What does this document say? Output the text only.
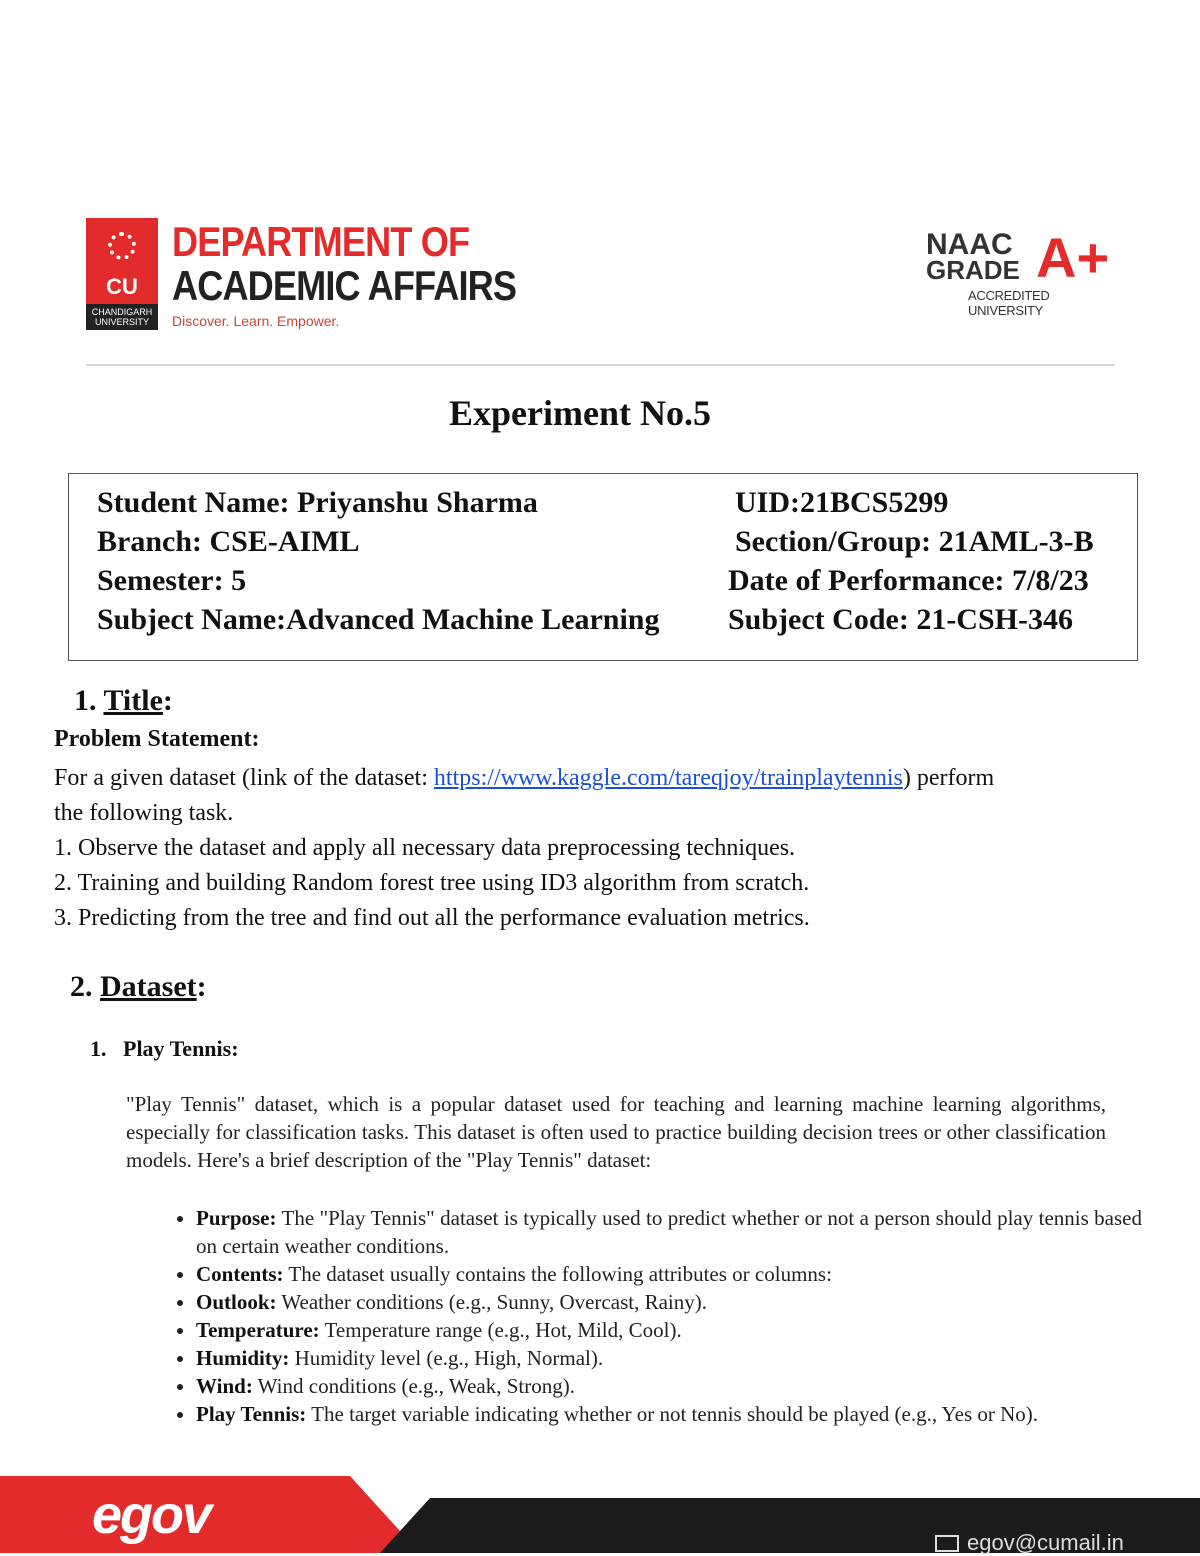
CU
CHANDIGARH UNIVERSITY
DEPARTMENT OF
ACADEMIC AFFAIRS
Discover. Learn. Empower.
NAAC
GRADE A+
ACCREDITED UNIVERSITY
Experiment No.5
Student Name: Priyanshu Sharma	UID:21BCS5299
Branch: CSE-AIML	Section/Group: 21AML-3-B
Semester: 5	Date of Performance: 7/8/23
Subject Name:Advanced Machine Learning Subject Code: 21-CSH-346
1. Title:
Problem Statement:
For a given dataset (link of the dataset: https://www.kaggle.com/tareqjoy/trainplaytennis) perform
the following task.
1. Observe the dataset and apply all necessary data preprocessing techniques.
2. Training and building Random forest tree using ID3 algorithm from scratch.
3. Predicting from the tree and find out all the performance evaluation metrics.
2. Dataset:
1. Play Tennis:
"Play Tennis" dataset, which is a popular dataset used for teaching and learning machine learning algorithms, especially for classification tasks. This dataset is often used to practice building decision trees or other classification models. Here's a brief description of the "Play Tennis" dataset:
• Purpose: The "Play Tennis" dataset is typically used to predict whether or not a person should play tennis based on certain weather conditions.
• Contents: The dataset usually contains the following attributes or columns:
• Outlook: Weather conditions (e.g., Sunny, Overcast, Rainy).
• Temperature: Temperature range (e.g., Hot, Mild, Cool).
• Humidity: Humidity level (e.g., High, Normal).
• Wind: Wind conditions (e.g., Weak, Strong).
• Play Tennis: The target variable indicating whether or not tennis should be played (e.g., Yes or No).
egov	egov@cumail.in
